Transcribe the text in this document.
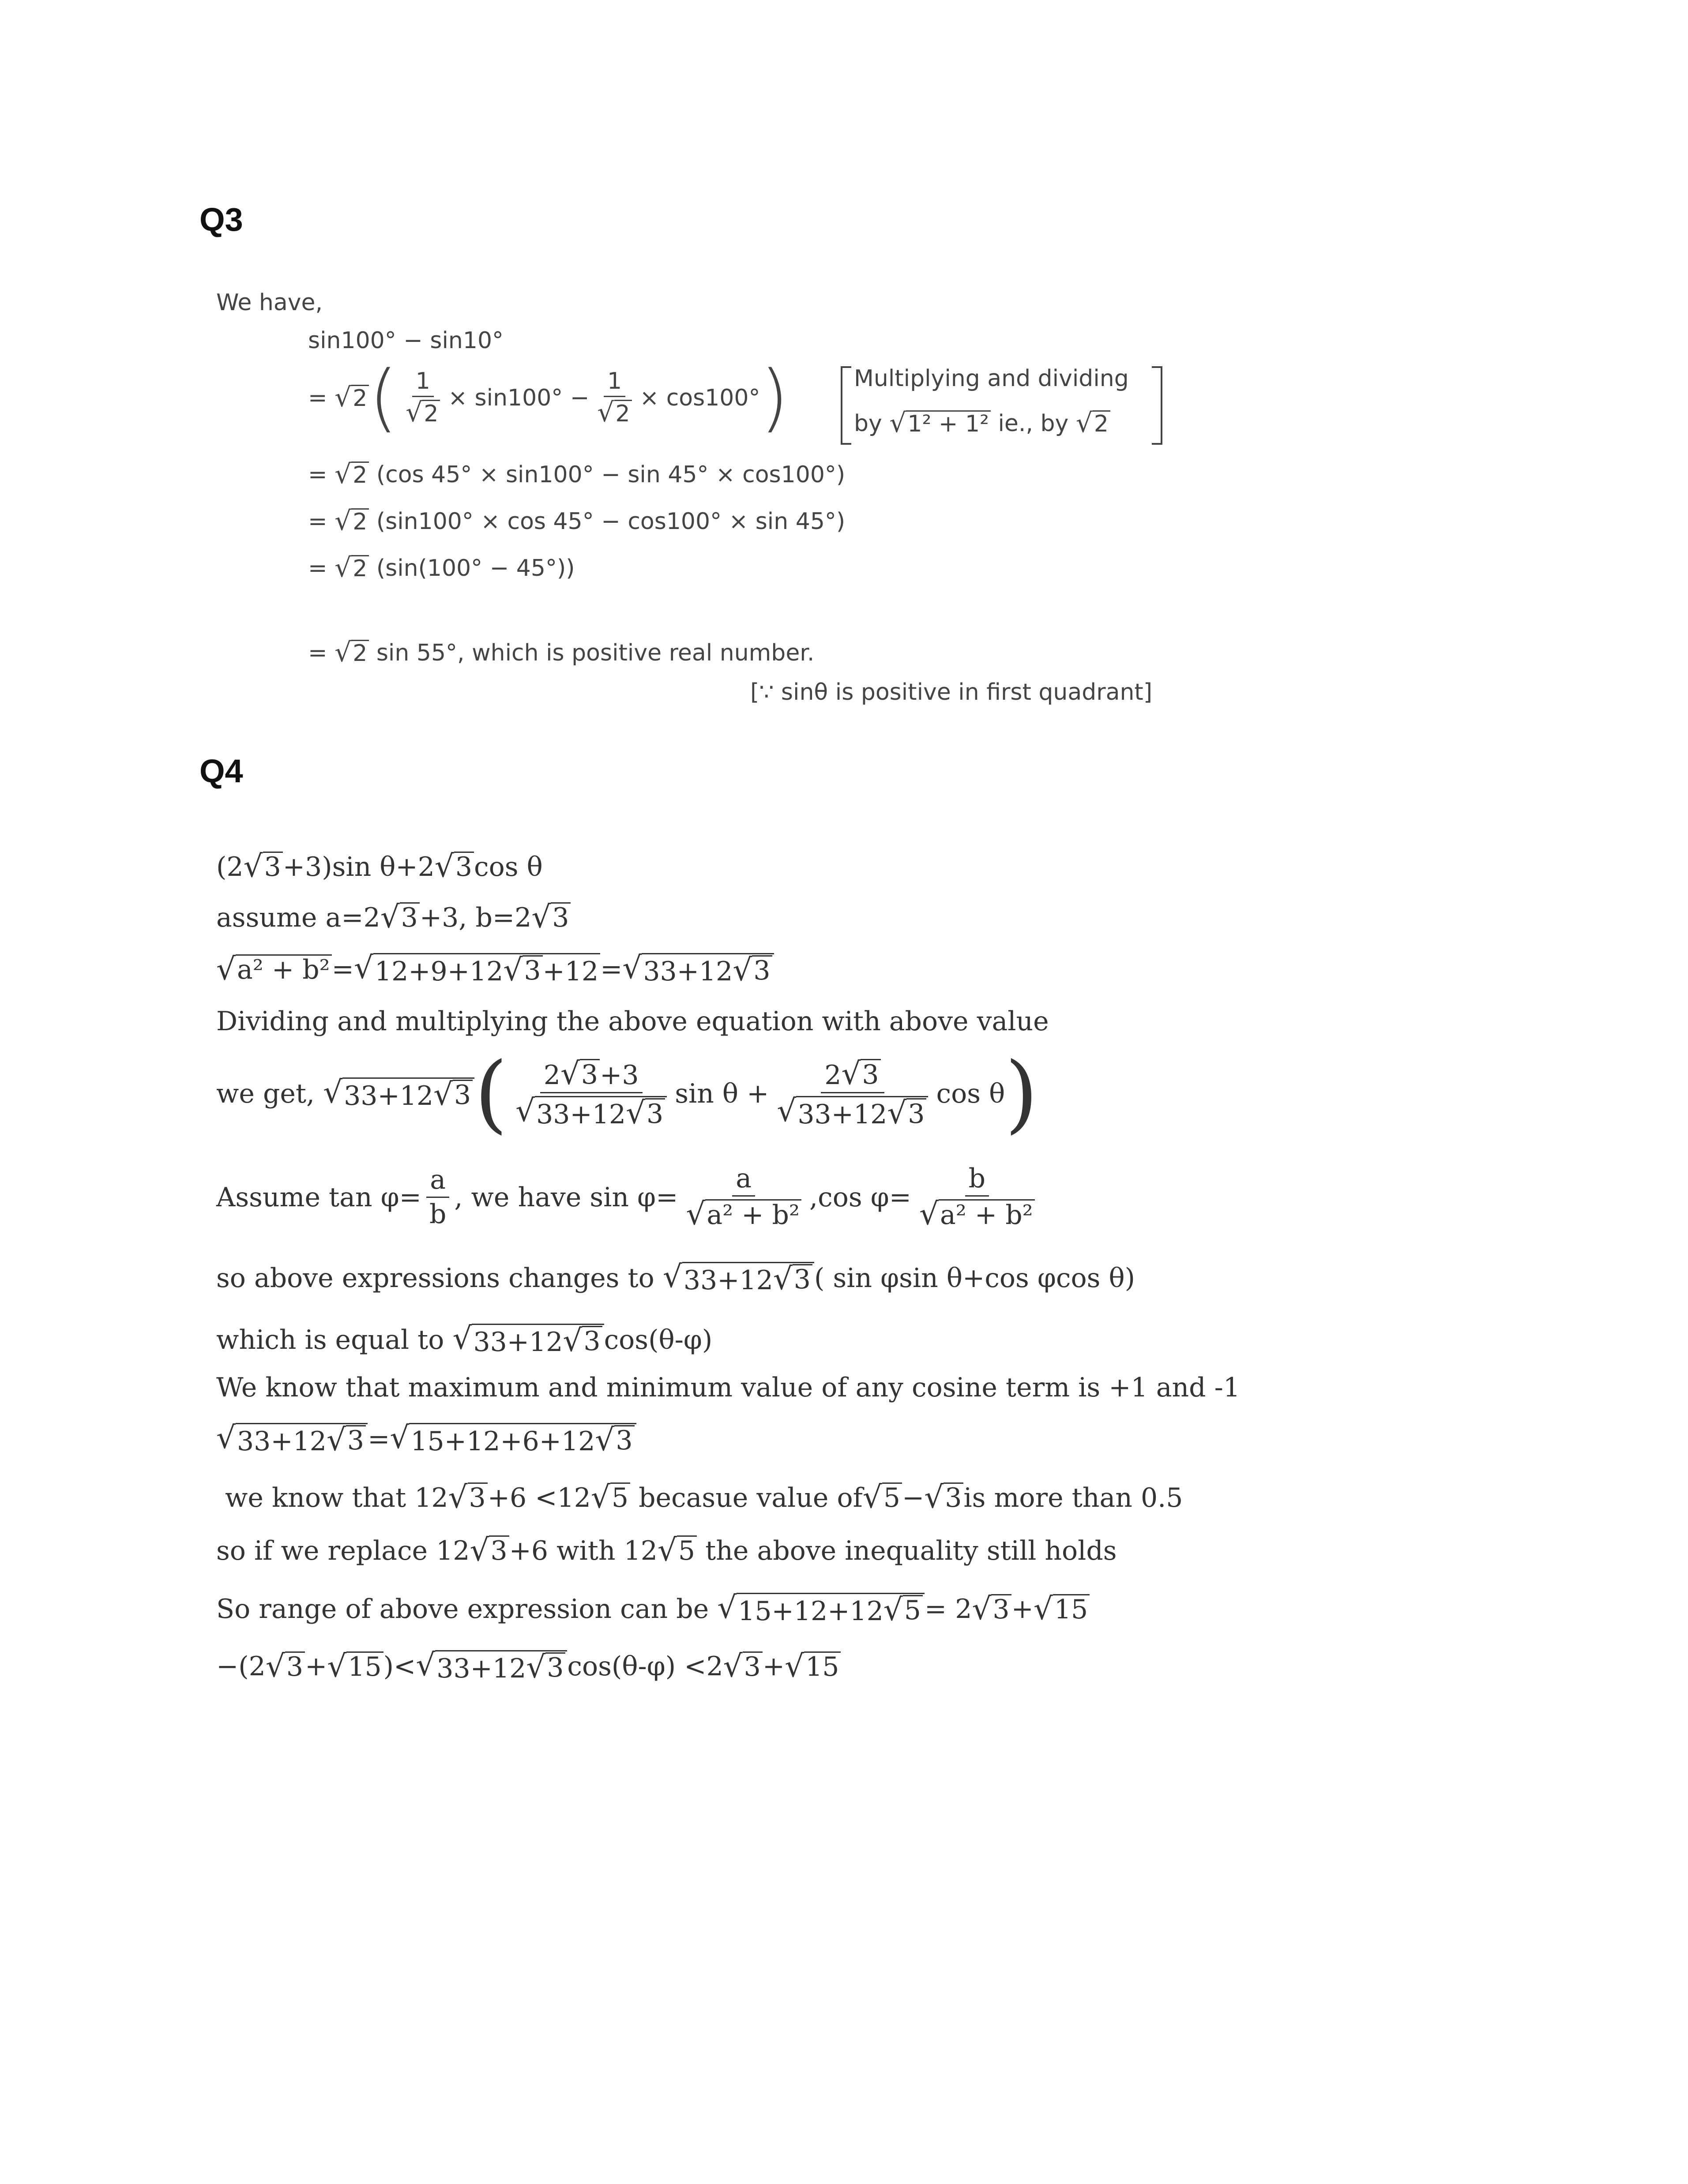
Q3
We have,
sin100° − sin10°
=
√ 2 ( $\frac{1}{√ 2} \times \sin 100^\circ - \frac{1}{√ 2} \times \cos 100^\circ$ )	Multiplying and dividing
by
√ 1² + 1²
ie., by
√ 2
=
√ 2
(cos 45° × sin100° − sin 45° × cos100°)
=
√ 2
(sin100° × cos 45° − cos100° × sin 45°)
=
√ 2
(sin(100° − 45°))
=
√ 2
sin 55°, which is positive real number.
[ ∵ sinθ is positive in first quadrant ]
Q4
(2 √ 3 +3)sin θ+2 √ 3 cos θ
assume a=2 √ 3 +3, b=2 √ 3
√ a² + b² = √ 12+9+12 √ 3 +12 = √ 33+12 √ 3
Dividing and multiplying the above equation with above value
we get,
√ 33+12 √ 3 ( $\frac{2 √ 3 +3}{√ 33+12 √ 3}$ $\sin \theta + \frac{2 √ 3}{√ 33+12 √ 3}$ cos θ )
Assume tan
$\varphi = \frac{a}{b}$ , we have sin
$\varphi = \frac{a}{\text{√ a² + b²}} ,\cos$
$\varphi = \frac{b}{\text{√ a² + b²}}$
so above expressions changes to
√ 33+12 √ 3 ( sin φsin θ+cos φcos θ)
which is equal to
√ 33+12 √ 3 cos(θ-φ)
We know that maximum and minimum value of any cosine term is +1 and -1
√ 33+12 √ 3 = √ 15+12+6+12 √ 3
we know that 12 √ 3 +6 <12 √ 5
becasue value of √ 5 − √ 3 is more than 0.5
so if we replace 12 √ 3 +6 with 12 √ 5
the above inequality still holds
So range of above expression can be
√ 15+12+12 √ 5 = 2 √ 3 + √ 15
−(2 √ 3 + √ 15 )< √ 33+12 √ 3 cos(θ-φ) <2 √ 3 + √ 15
